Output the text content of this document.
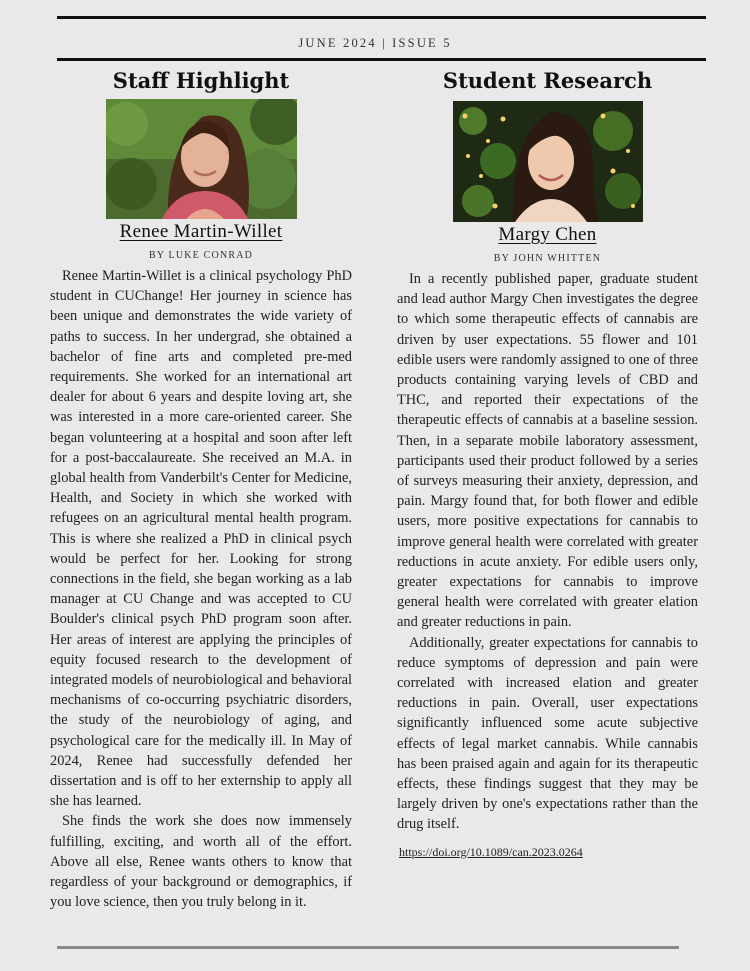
JUNE 2024 | ISSUE 5
Staff Highlight
Renee Martin-Willet
BY LUKE CONRAD

Renee Martin-Willet is a clinical psychology PhD student in CUChange! Her journey in science has been unique and demonstrates the wide variety of paths to success. In her undergrad, she obtained a bachelor of fine arts and completed pre-med requirements. She worked for an international art dealer for about 6 years and despite loving art, she was interested in a more care-oriented career. She began volunteering at a hospital and soon after left for a post-baccalaureate. She received an M.A. in global health from Vanderbilt's Center for Medicine, Health, and Society in which she worked with refugees on an agricultural mental health program. This is where she realized a PhD in clinical psych would be perfect for her. Looking for strong connections in the field, she began working as a lab manager at CU Change and was accepted to CU Boulder's clinical psych PhD program soon after. Her areas of interest are applying the principles of equity focused research to the development of integrated models of neurobiological and behavioral mechanisms of co-occurring psychiatric disorders, the study of the neurobiology of aging, and psychological care for the medically ill. In May of 2024, Renee had successfully defended her dissertation and is off to her externship to apply all she has learned.

She finds the work she does now immensely fulfilling, exciting, and worth all of the effort. Above all else, Renee wants others to know that regardless of your background or demographics, if you love science, then you truly belong in it.

Student Research
Margy Chen
BY JOHN WHITTEN

In a recently published paper, graduate student and lead author Margy Chen investigates the degree to which some therapeutic effects of cannabis are driven by user expectations. 55 flower and 101 edible users were randomly assigned to one of three products containing varying levels of CBD and THC, and reported their expectations of the therapeutic effects of cannabis at a baseline session. Then, in a separate mobile laboratory assessment, participants used their product followed by a series of surveys measuring their anxiety, depression, and pain. Margy found that, for both flower and edible users, more positive expectations for cannabis to improve general health were correlated with greater reductions in acute anxiety. For edible users only, greater expectations for cannabis to improve general health were correlated with greater elation and greater reductions in pain.

Additionally, greater expectations for cannabis to reduce symptoms of depression and pain were correlated with increased elation and greater reductions in pain. Overall, user expectations significantly influenced some acute subjective effects of legal market cannabis. While cannabis has been praised again and again for its therapeutic effects, these findings suggest that they may be largely driven by one's expectations rather than the drug itself.

https://doi.org/10.1089/can.2023.0264
